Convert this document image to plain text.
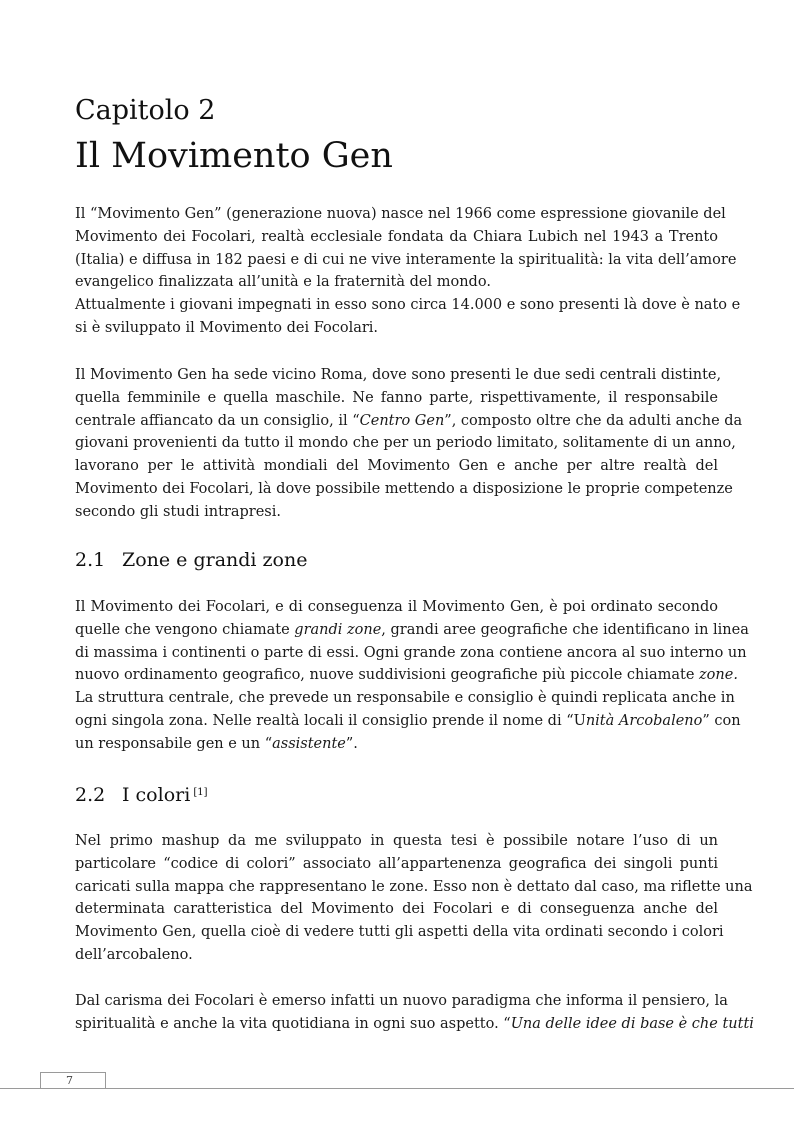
Capitolo 2
Il Movimento Gen
Il “Movimento Gen” (generazione nuova) nasce nel 1966 come espressione giovanile del
Movimento dei Focolari, realtà ecclesiale fondata da Chiara Lubich nel 1943 a Trento
(Italia) e diffusa in 182 paesi e di cui ne vive interamente la spiritualità: la vita dell’amore
evangelico finalizzata all’unità e la fraternità del mondo.
Attualmente i giovani impegnati in esso sono circa 14.000 e sono presenti là dove è nato e
si è sviluppato il Movimento dei Focolari.
Il Movimento Gen ha sede vicino Roma, dove sono presenti le due sedi centrali distinte,
quella femminile e quella maschile. Ne fanno parte, rispettivamente, il responsabile
centrale affiancato da un consiglio, il “Centro Gen”, composto oltre che da adulti anche da
giovani provenienti da tutto il mondo che per un periodo limitato, solitamente di un anno,
lavorano per le attività mondiali del Movimento Gen e anche per altre realtà del
Movimento dei Focolari, là dove possibile mettendo a disposizione le proprie competenze
secondo gli studi intrapresi.
2.1 Zone e grandi zone
Il Movimento dei Focolari, e di conseguenza il Movimento Gen, è poi ordinato secondo
quelle che vengono chiamate grandi zone, grandi aree geografiche che identificano in linea
di massima i continenti o parte di essi. Ogni grande zona contiene ancora al suo interno un
nuovo ordinamento geografico, nuove suddivisioni geografiche più piccole chiamate zone.
La struttura centrale, che prevede un responsabile e consiglio è quindi replicata anche in
ogni singola zona. Nelle realtà locali il consiglio prende il nome di “Unità Arcobaleno” con
un responsabile gen e un “assistente”.
2.2 I colori [1]
Nel primo mashup da me sviluppato in questa tesi è possibile notare l’uso di un
particolare “codice di colori” associato all’appartenenza geografica dei singoli punti
caricati sulla mappa che rappresentano le zone. Esso non è dettato dal caso, ma riflette una
determinata caratteristica del Movimento dei Focolari e di conseguenza anche del
Movimento Gen, quella cioè di vedere tutti gli aspetti della vita ordinati secondo i colori
dell’arcobaleno.
Dal carisma dei Focolari è emerso infatti un nuovo paradigma che informa il pensiero, la
spiritualità e anche la vita quotidiana in ogni suo aspetto. “Una delle idee di base è che tutti
7
